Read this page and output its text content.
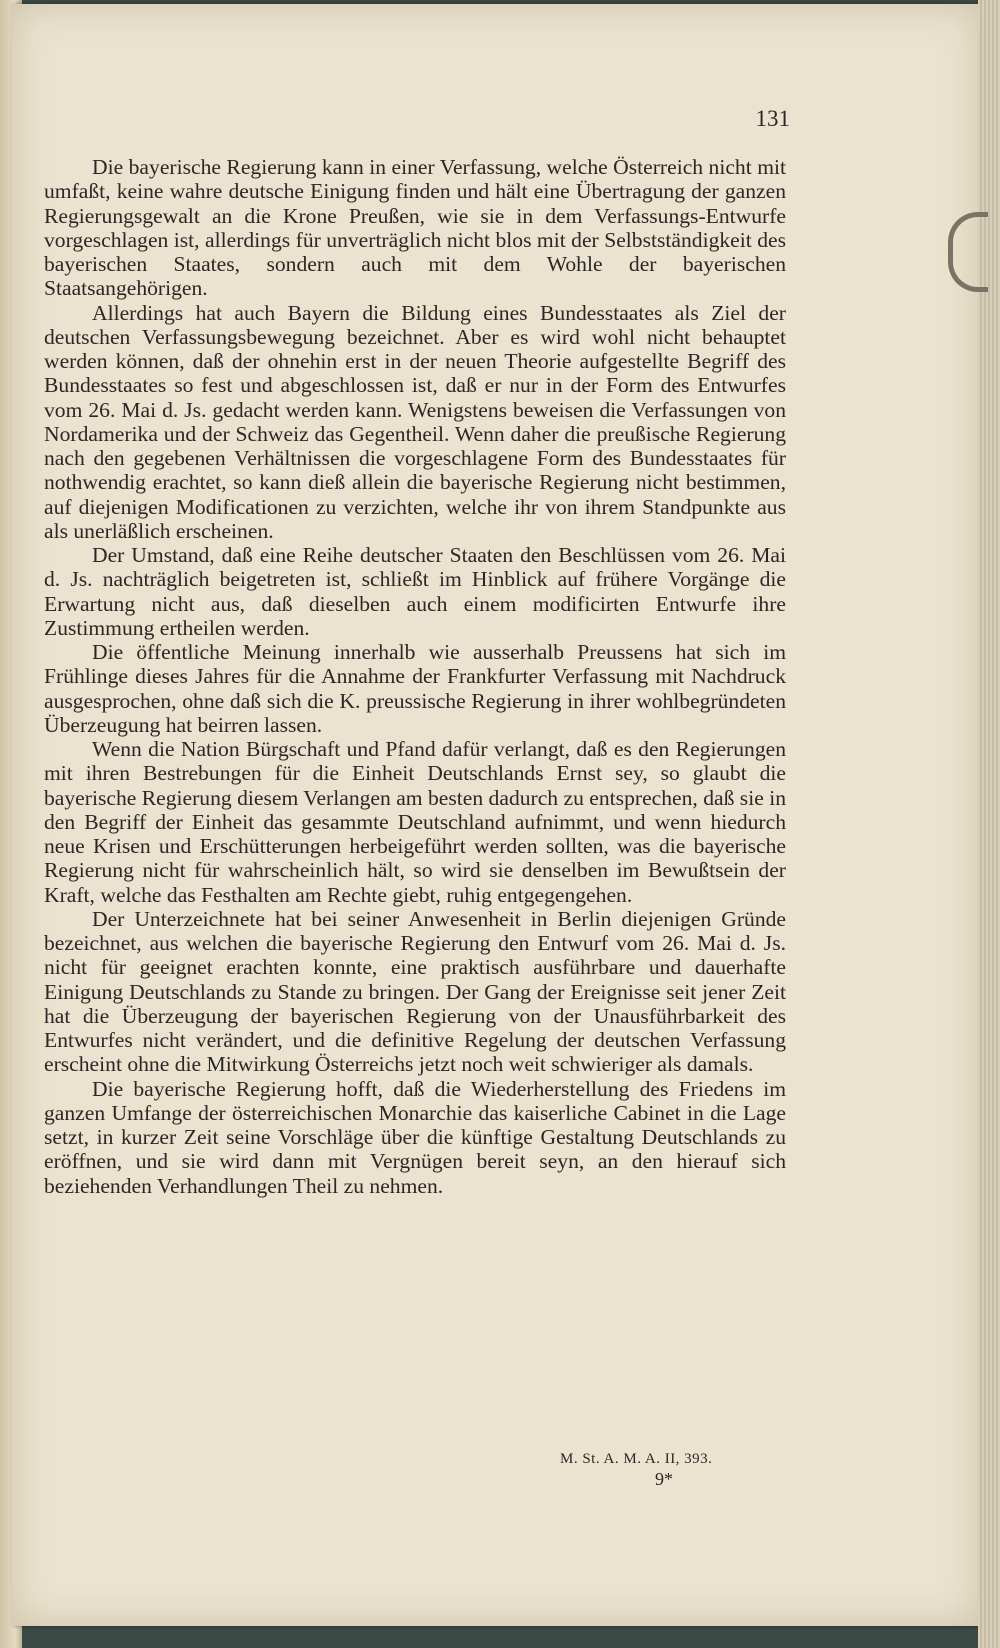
131

Die bayerische Regierung kann in einer Verfassung, welche Österreich nicht mit umfaßt, keine wahre deutsche Einigung finden und hält eine Übertragung der ganzen Regierungsgewalt an die Krone Preußen, wie sie in dem Verfassungs-Entwurfe vorgeschlagen ist, allerdings für unverträglich nicht blos mit der Selbstständigkeit des bayerischen Staates, sondern auch mit dem Wohle der bayerischen Staatsangehörigen.

Allerdings hat auch Bayern die Bildung eines Bundesstaates als Ziel der deutschen Verfassungsbewegung bezeichnet. Aber es wird wohl nicht behauptet werden können, daß der ohnehin erst in der neuen Theorie aufgestellte Begriff des Bundesstaates so fest und abgeschlossen ist, daß er nur in der Form des Entwurfes vom 26. Mai d. Js. gedacht werden kann. Wenigstens beweisen die Verfassungen von Nordamerika und der Schweiz das Gegentheil. Wenn daher die preußische Regierung nach den gegebenen Verhältnissen die vorgeschlagene Form des Bundesstaates für nothwendig erachtet, so kann dieß allein die bayerische Regierung nicht bestimmen, auf diejenigen Modificationen zu verzichten, welche ihr von ihrem Standpunkte aus als unerläßlich erscheinen.

Der Umstand, daß eine Reihe deutscher Staaten den Beschlüssen vom 26. Mai d. Js. nachträglich beigetreten ist, schließt im Hinblick auf frühere Vorgänge die Erwartung nicht aus, daß dieselben auch einem modificirten Entwurfe ihre Zustimmung ertheilen werden.

Die öffentliche Meinung innerhalb wie ausserhalb Preussens hat sich im Frühlinge dieses Jahres für die Annahme der Frankfurter Verfassung mit Nachdruck ausgesprochen, ohne daß sich die K. preussische Regierung in ihrer wohlbegründeten Überzeugung hat beirren lassen.

Wenn die Nation Bürgschaft und Pfand dafür verlangt, daß es den Regierungen mit ihren Bestrebungen für die Einheit Deutschlands Ernst sey, so glaubt die bayerische Regierung diesem Verlangen am besten dadurch zu entsprechen, daß sie in den Begriff der Einheit das gesammte Deutschland aufnimmt, und wenn hiedurch neue Krisen und Erschütterungen herbeigeführt werden sollten, was die bayerische Regierung nicht für wahrscheinlich hält, so wird sie denselben im Bewußtsein der Kraft, welche das Festhalten am Rechte giebt, ruhig entgegengehen.

Der Unterzeichnete hat bei seiner Anwesenheit in Berlin diejenigen Gründe bezeichnet, aus welchen die bayerische Regierung den Entwurf vom 26. Mai d. Js. nicht für geeignet erachten konnte, eine praktisch ausführbare und dauerhafte Einigung Deutschlands zu Stande zu bringen. Der Gang der Ereignisse seit jener Zeit hat die Überzeugung der bayerischen Regierung von der Unausführbarkeit des Entwurfes nicht verändert, und die definitive Regelung der deutschen Verfassung erscheint ohne die Mitwirkung Österreichs jetzt noch weit schwieriger als damals.

Die bayerische Regierung hofft, daß die Wiederherstellung des Friedens im ganzen Umfange der österreichischen Monarchie das kaiserliche Cabinet in die Lage setzt, in kurzer Zeit seine Vorschläge über die künftige Gestaltung Deutschlands zu eröffnen, und sie wird dann mit Vergnügen bereit seyn, an den hierauf sich beziehenden Verhandlungen Theil zu nehmen.

M. St. A. M. A. II, 393.
9*
